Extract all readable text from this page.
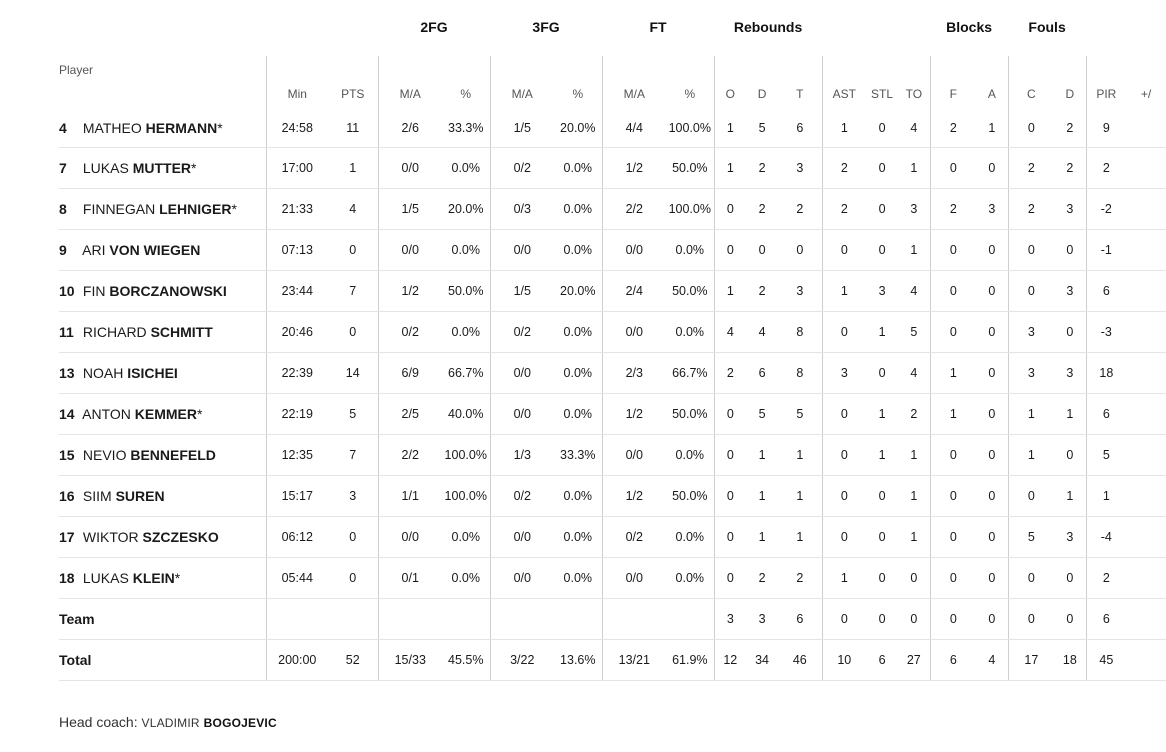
			2FG		3FG		FT		Rebounds						Blocks		Fouls			
Player	Min	PTS	M/A	%	M/A	%	M/A	%	O	D	T	AST	STL	TO	F	A	C	D	PIR	+/
4 MATHEO HERMANN*	24:58	11	2/6	33.3%	1/5	20.0%	4/4	100.0%	1	5	6	1	0	4	2	1	0	2	9	
7 LUKAS MUTTER*	17:00	1	0/0	0.0%	0/2	0.0%	1/2	50.0%	1	2	3	2	0	1	0	0	2	2	2	
8 FINNEGAN LEHNIGER*	21:33	4	1/5	20.0%	0/3	0.0%	2/2	100.0%	0	2	2	2	0	3	2	3	2	3	-2	
9 ARI VON WIEGEN	07:13	0	0/0	0.0%	0/0	0.0%	0/0	0.0%	0	0	0	0	0	1	0	0	0	0	-1	
10 FIN BORCZANOWSKI	23:44	7	1/2	50.0%	1/5	20.0%	2/4	50.0%	1	2	3	1	3	4	0	0	0	3	6	
11 RICHARD SCHMITT	20:46	0	0/2	0.0%	0/2	0.0%	0/0	0.0%	4	4	8	0	1	5	0	0	3	0	-3	
13 NOAH ISICHEI	22:39	14	6/9	66.7%	0/0	0.0%	2/3	66.7%	2	6	8	3	0	4	1	0	3	3	18	
14 ANTON KEMMER*	22:19	5	2/5	40.0%	0/0	0.0%	1/2	50.0%	0	5	5	0	1	2	1	0	1	1	6	
15 NEVIO BENNEFELD	12:35	7	2/2	100.0%	1/3	33.3%	0/0	0.0%	0	1	1	0	1	1	0	0	1	0	5	
16 SIIM SUREN	15:17	3	1/1	100.0%	0/2	0.0%	1/2	50.0%	0	1	1	0	0	1	0	0	0	1	1	
17 WIKTOR SZCZESKO	06:12	0	0/0	0.0%	0/0	0.0%	0/2	0.0%	0	1	1	0	0	1	0	0	5	3	-4	
18 LUKAS KLEIN*	05:44	0	0/1	0.0%	0/0	0.0%	0/0	0.0%	0	2	2	1	0	0	0	0	0	0	2	
Team									3	3	6	0	0	0	0	0	0	0	6	
Total	200:00	52	15/33	45.5%	3/22	13.6%	13/21	61.9%	12	34	46	10	6	27	6	4	17	18	45	
Head coach: VLADIMIR BOGOJEVIC
